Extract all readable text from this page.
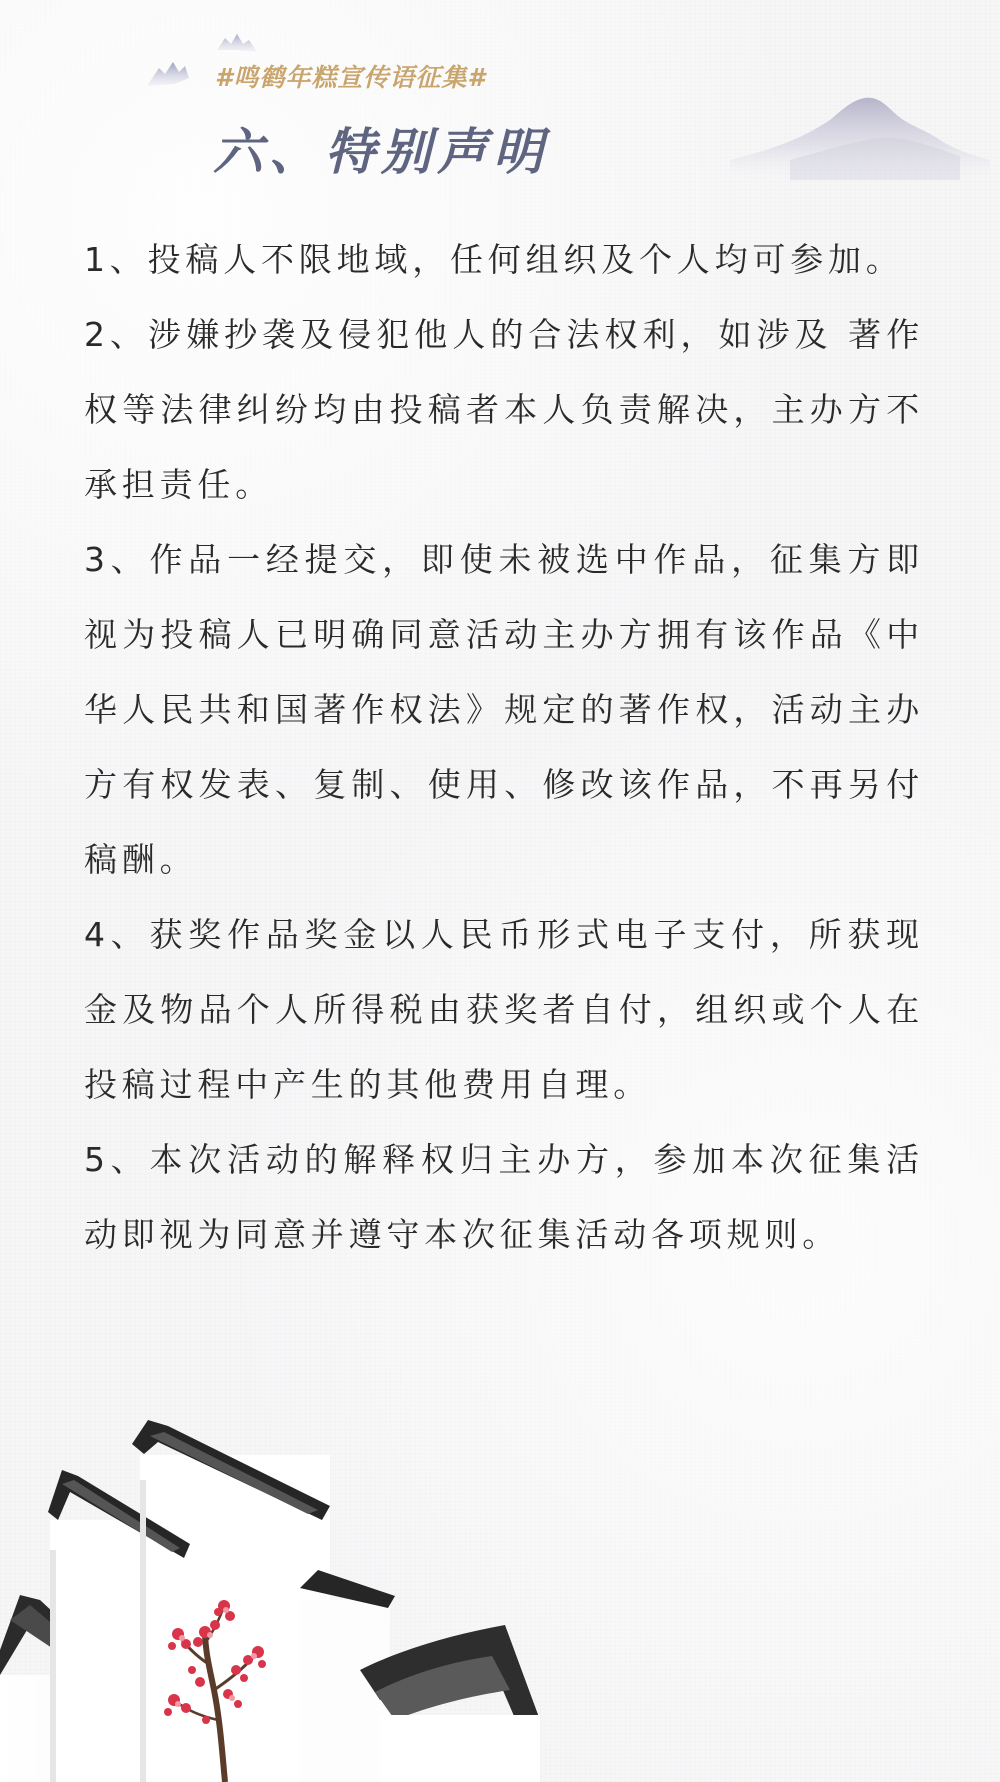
#鸣鹤年糕宣传语征集#
六、特别声明

1、投稿人不限地域，任何组织及个人均可参加。

2、涉嫌抄袭及侵犯他人的合法权利，如涉及 著作权等法律纠纷均由投稿者本人负责解决，主办方不承担责任。

3、作品一经提交，即使未被选中作品，征集方即视为投稿人已明确同意活动主办方拥有该作品《中华人民共和国著作权法》规定的著作权，活动主办方有权发表、复制、使用、修改该作品，不再另付稿酬。

4、获奖作品奖金以人民币形式电子支付，所获现金及物品个人所得税由获奖者自付，组织或个人在投稿过程中产生的其他费用自理。

5、本次活动的解释权归主办方，参加本次征集活动即视为同意并遵守本次征集活动各项规则。
